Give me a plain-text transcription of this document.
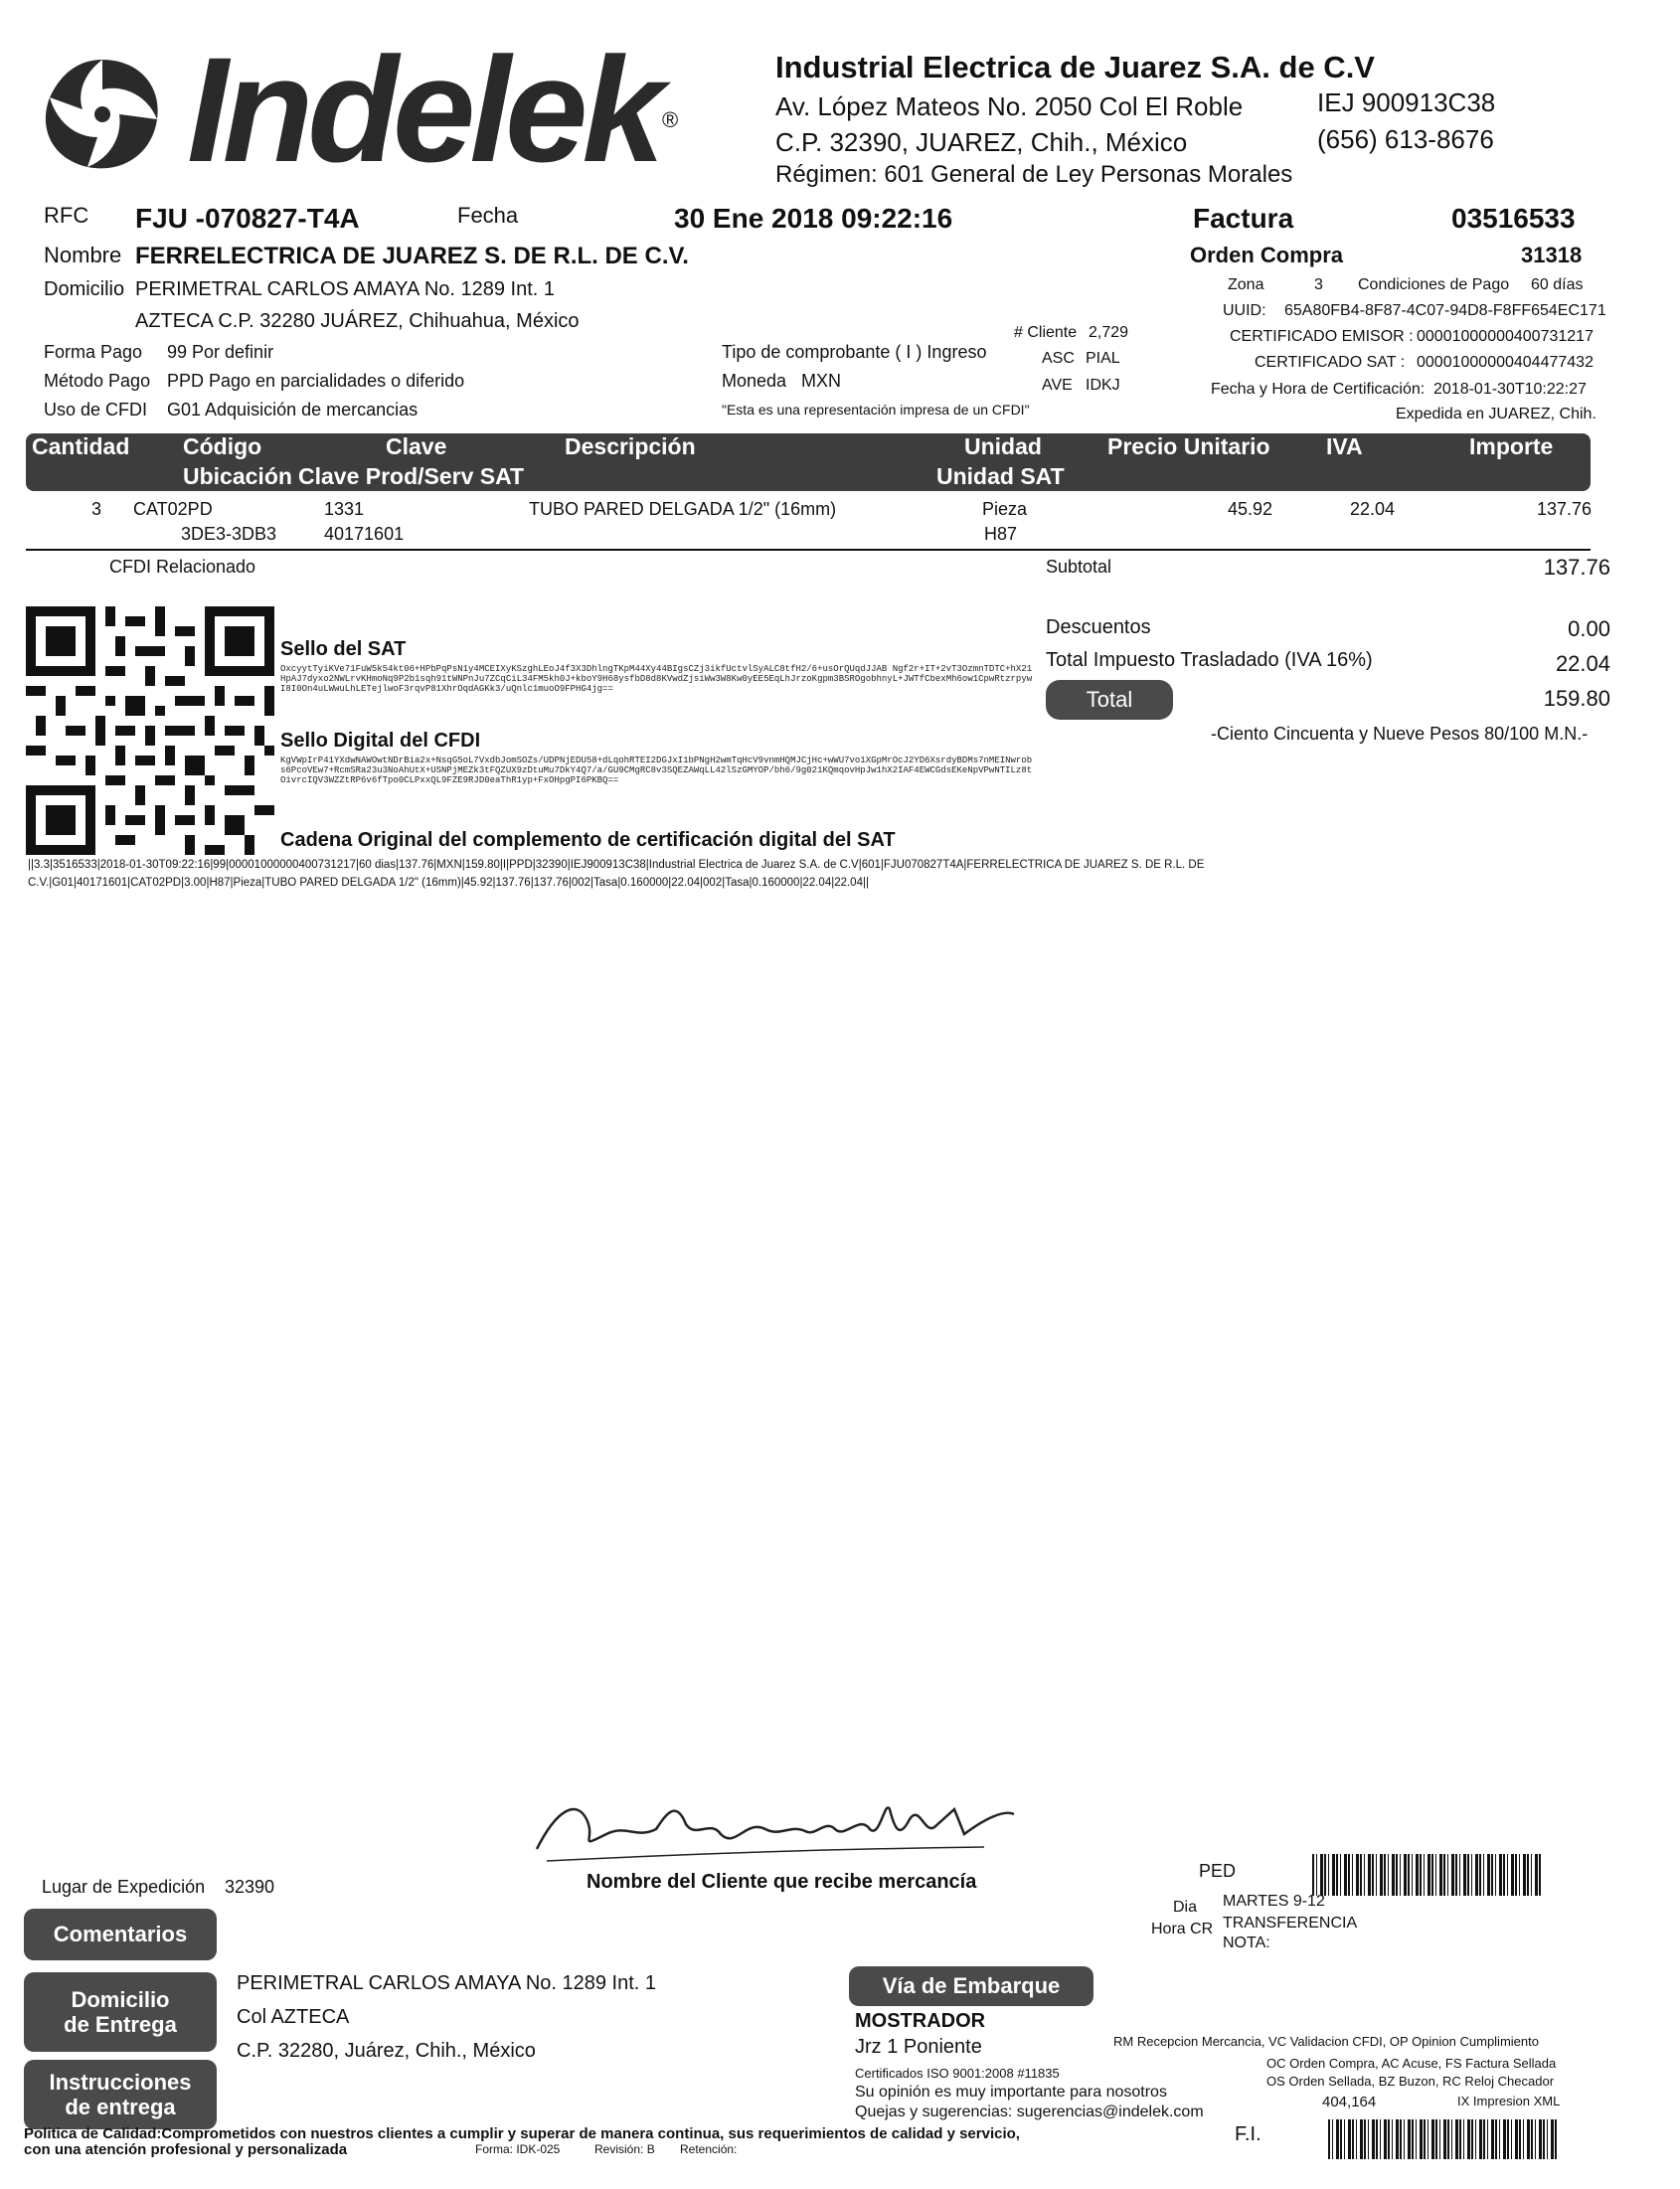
Indelek ®
Industrial Electrica de Juarez S.A. de C.V
Av. López Mateos No. 2050 Col El Roble
C.P. 32390, JUAREZ, Chih., México
Régimen: 601 General de Ley Personas Morales
IEJ 900913C38
(656) 613-8676
RFC FJU -070827-T4A	Fecha	30 Ene 2018 09:22:16	Factura	03516533
Nombre FERRELECTRICA DE JUAREZ S. DE R.L. DE C.V.	Orden Compra	31318
Domicilio PERIMETRAL CARLOS AMAYA No. 1289 Int. 1
AZTECA C.P. 32280 JUÁREZ, Chihuahua, México
Zona	3 Condiciones de Pago 60 días
UUID: 65A80FB4-8F87-4C07-94D8-F8FF654EC171
# Cliente 2,729	CERTIFICADO EMISOR : 00001000000400731217
Forma Pago 99 Por definir	Tipo de comprobante ( I ) Ingreso	ASC PIAL	CERTIFICADO SAT : 00001000000404477432
Método Pago PPD Pago en parcialidades o diferido	Moneda MXN	AVE IDKJ	Fecha y Hora de Certificación: 2018-01-30T10:22:27
Uso de CFDI G01 Adquisición de mercancias	"Esta es una representación impresa de un CFDI"	Expedida en JUAREZ, Chih.
Cantidad Código	Clave	Descripción	Unidad	Precio Unitario IVA	Importe
Ubicación Clave Prod/Serv SAT	Unidad SAT
3 CAT02PD	1331	TUBO PARED DELGADA 1/2" (16mm)	Pieza	45.92	22.04	137.76
3DE3-3DB3	40171601	H87
CFDI Relacionado	Subtotal	137.76
Descuentos	0.00
Total Impuesto Trasladado (IVA 16%)	22.04
Total	159.80
-Ciento Cincuenta y Nueve Pesos 80/100 M.N.-
Sello del SAT
OxcyytTyiKVe71FuW5k54kt06+HPbPqPsN1y4MCEIXyKSzghLEoJ4f3X3DhlngTKpM44Xy44BIgsCZj3ikfUctvlSyALC8tfH2/6+usOrQUqdJJAB Ngf2r+IT+2vT3OzmnTDTC+hX21HpAJ7dyxo2NWLrvKHmoNq9P2b1sqh91tWNPnJu7ZCqCiL34FM5kh0J+kboY9H68ysfbD8d8KVwdZjsiWw3W8Kw0yEE5EqLhJrzoKgpm3BSROgobhnyL+JWTfCbexMh6ow1CpwRtzrpywI8I0On4uLWwuLhLETejlwoF3rqvP81XhrOqdAGKk3/uQnlc1muoO9FPHG4jg==
Sello Digital del CFDI
KgVWpIrP41YXdwNAWOwtNDrBia2x+NsqG5oL7VxdbJomSOZs/UDPNjEDU58+dLqohRTEI2DGJxI1bPNgH2wmTqHcV9vnmHQMJCjHc+wWU7vo1XGpMrOcJ2YD6XsrdyBDMs7nMEINwrobs6PcoVEw7+RcmSRa23u3NoAhUtX+USNPjMEZk3tFQZUX9zDtuMu7DkY4Q7/a/GU9CMgRC8v3SQEZAWqLL42lSzGMYOP/bh6/9g021KQmqovHpJw1hX2IAF4EWCGdsEKeNpVPwNTILz8tOivrcIQV3WZZtRP6v6fTpo0CLPxxQL9FZE9RJD0eaThR1yp+FxOHpgPI6PKBQ==
Cadena Original del complemento de certificación digital del SAT
||3.3|3516533|2018-01-30T09:22:16|99|00001000000400731217|60 dias|137.76|MXN|159.80|I|PPD|32390|IEJ900913C38|Industrial Electrica de Juarez S.A. de C.V|601|FJU070827T4A|FERRELECTRICA DE JUAREZ S. DE R.L. DE
C.V.|G01|40171601|CAT02PD|3.00|H87|Pieza|TUBO PARED DELGADA 1/2" (16mm)|45.92|137.76|137.76|002|Tasa|0.160000|22.04|002|Tasa|0.160000|22.04|22.04||
Nombre del Cliente que recibe mercancía
Lugar de Expedición 32390
PED
Dia MARTES 9-12
Hora CR TRANSFERENCIA
NOTA:
Comentarios
Domicilio
de Entrega
Instrucciones
de entrega
PERIMETRAL CARLOS AMAYA No. 1289 Int. 1
Col AZTECA
C.P. 32280, Juárez, Chih., México
Vía de Embarque
MOSTRADOR
Jrz 1 Poniente
Certificados ISO 9001:2008 #11835
Su opinión es muy importante para nosotros
Quejas y sugerencias: sugerencias@indelek.com
RM Recepcion Mercancia, VC Validacion CFDI, OP Opinion Cumplimiento
OC Orden Compra, AC Acuse, FS Factura Sellada
OS Orden Sellada, BZ Buzon, RC Reloj Checador
404,164	IX Impresion XML
F.I.
Politica de Calidad:Comprometidos con nuestros clientes a cumplir y superar de manera continua, sus requerimientos de calidad y servicio,
con una atención profesional y personalizada	Forma: IDK-025	Revisión: B Retención:
